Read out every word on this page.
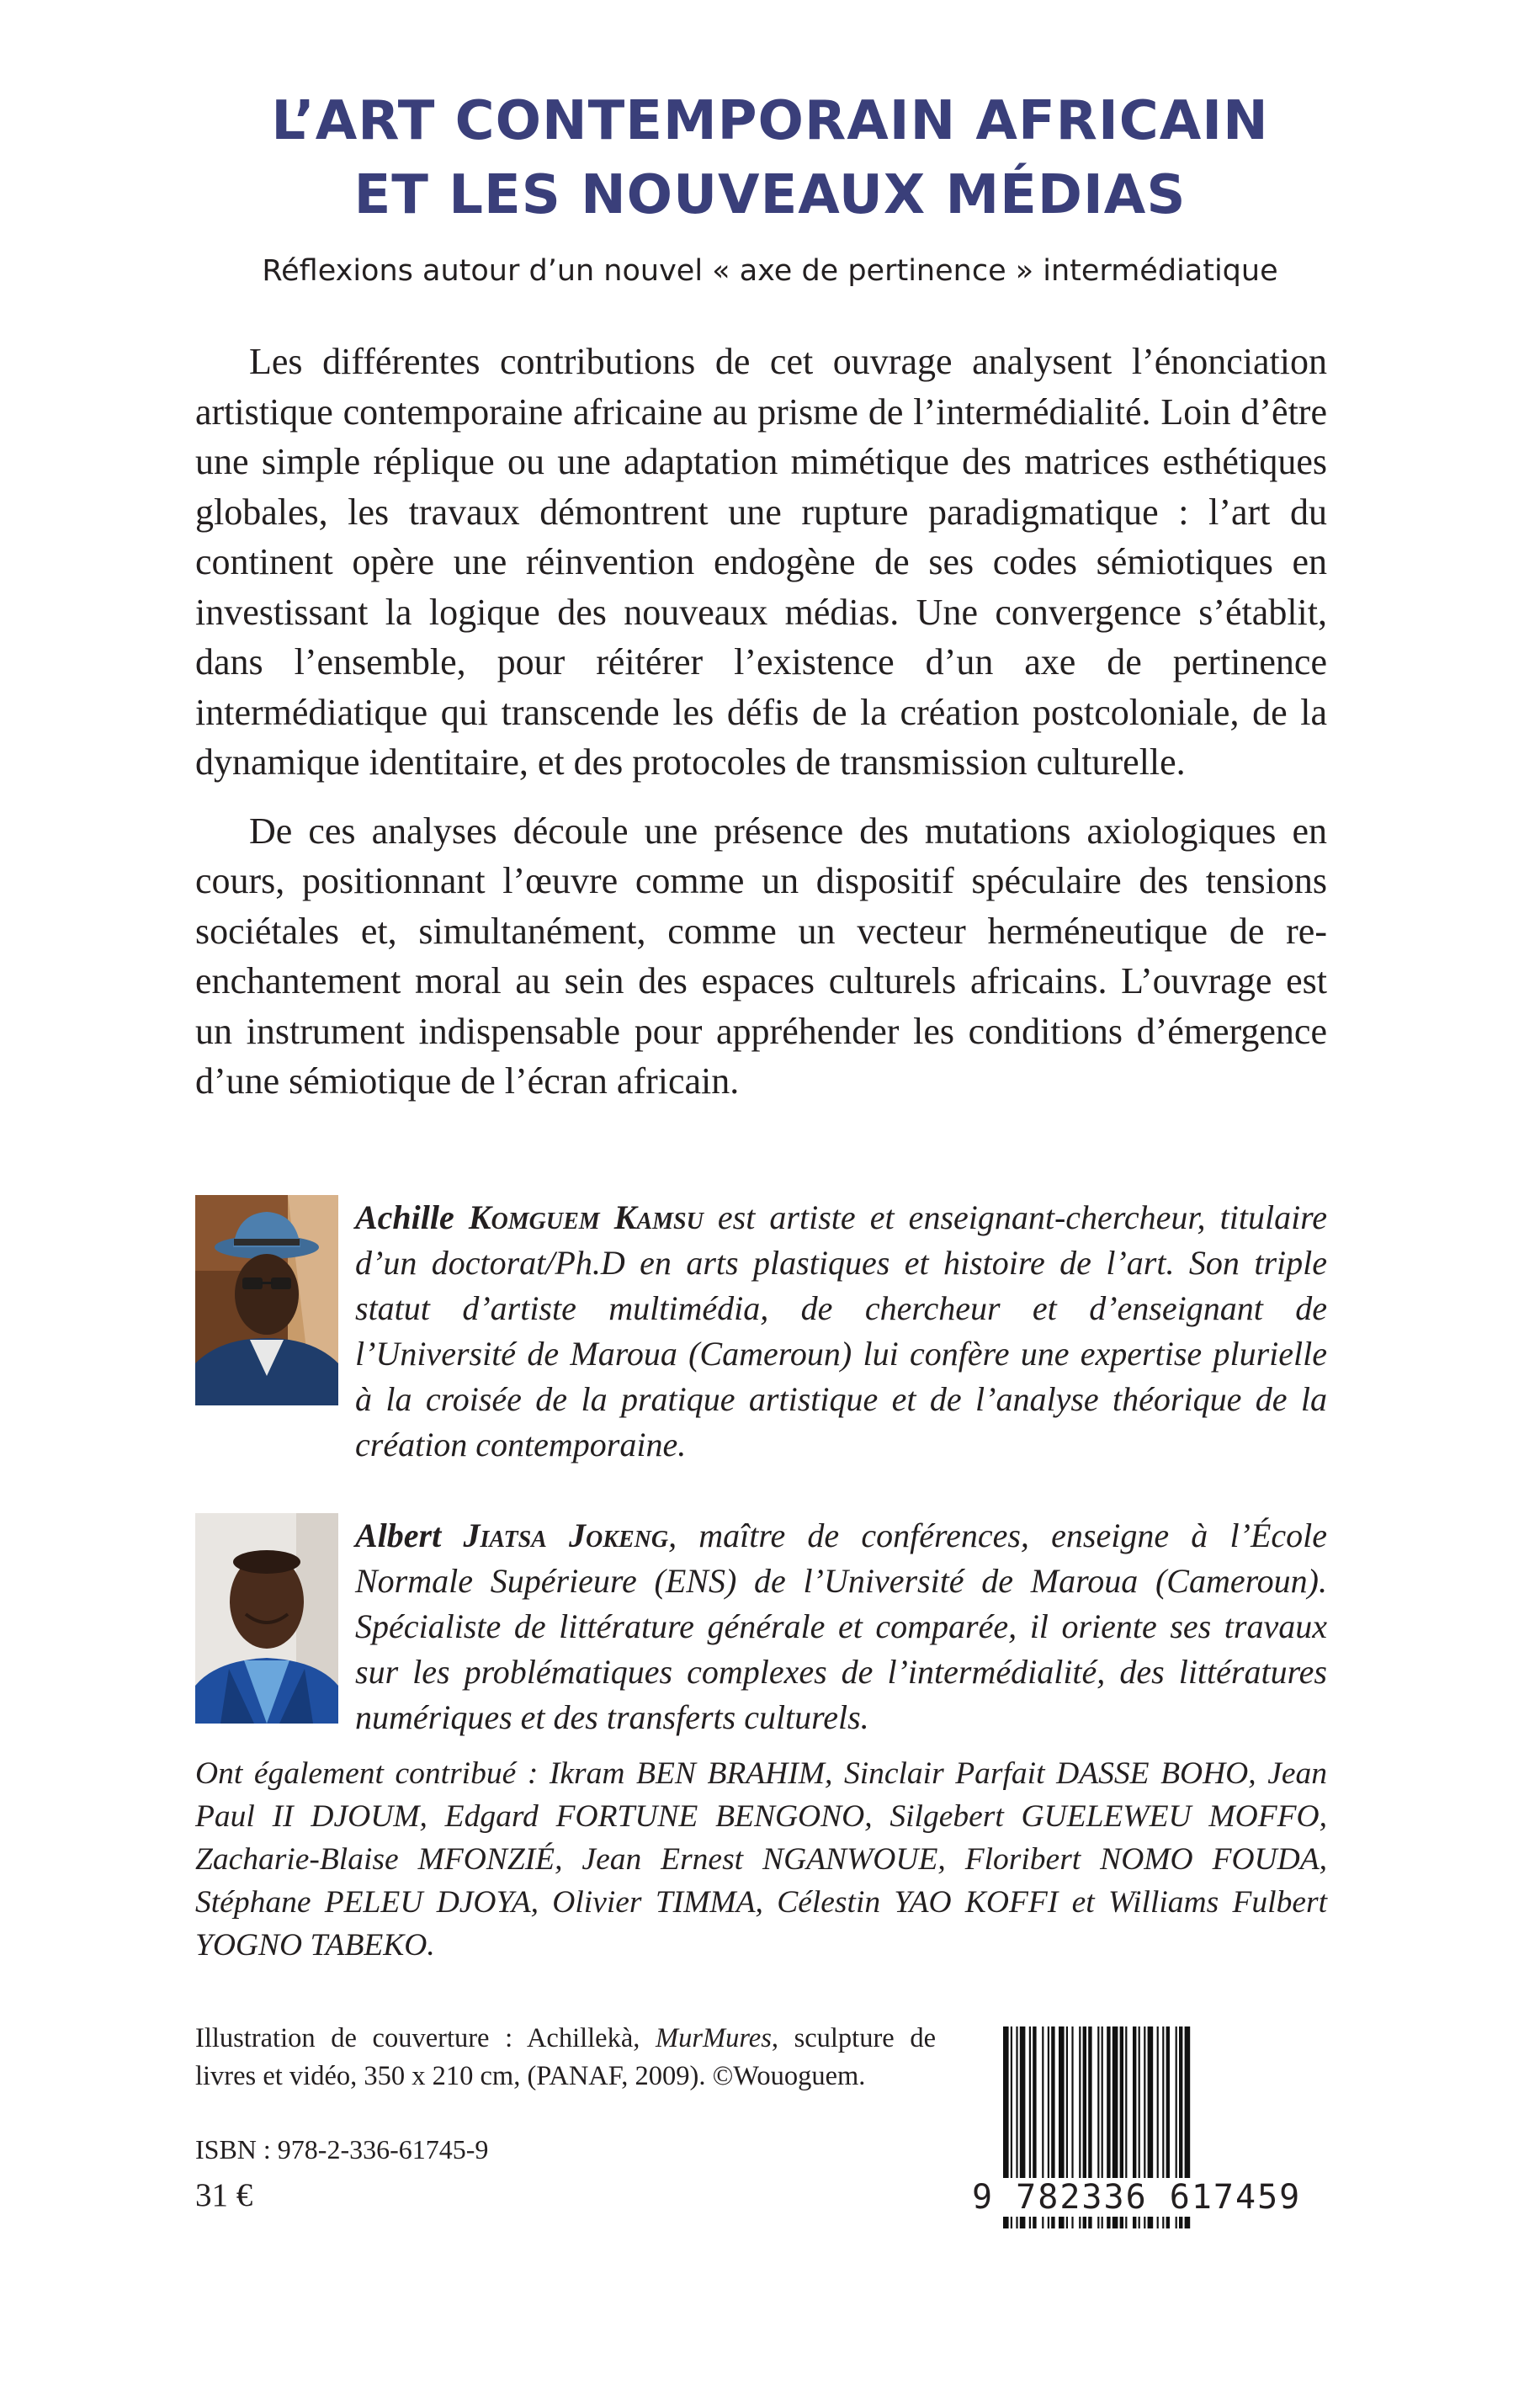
L’ART CONTEMPORAIN AFRICAIN
ET LES NOUVEAUX MÉDIAS
Réflexions autour d’un nouvel « axe de pertinence » intermédiatique

Les différentes contributions de cet ouvrage analysent l’énonciation artistique contemporaine africaine au prisme de l’intermédialité. Loin d’être une simple réplique ou une adaptation mimétique des matrices esthétiques globales, les travaux démontrent une rupture paradigmatique : l’art du continent opère une réinvention endogène de ses codes sémiotiques en investissant la logique des nouveaux médias. Une convergence s’établit, dans l’ensemble, pour réitérer l’existence d’un axe de pertinence intermédiatique qui transcende les défis de la création postcoloniale, de la dynamique identitaire, et des protocoles de transmission culturelle.

De ces analyses découle une présence des mutations axiologiques en cours, positionnant l’œuvre comme un dispositif spéculaire des tensions sociétales et, simultanément, comme un vecteur herméneutique de re-enchantement moral au sein des espaces culturels africains. L’ouvrage est un instrument indispensable pour appréhender les conditions d’émergence d’une sémiotique de l’écran africain.

Achille Komguem Kamsu est artiste et enseignant-chercheur, titulaire d’un doctorat/Ph.D en arts plastiques et histoire de l’art. Son triple statut d’artiste multimédia, de chercheur et d’enseignant de l’Université de Maroua (Cameroun) lui confère une expertise plurielle à la croisée de la pratique artistique et de l’analyse théorique de la création contemporaine.
Albert Jiatsa Jokeng, maître de conférences, enseigne à l’École Normale Supérieure (ENS) de l’Université de Maroua (Cameroun). Spécialiste de littérature générale et comparée, il oriente ses travaux sur les problématiques complexes de l’intermédialité, des littératures numériques et des transferts culturels.
Ont également contribué : Ikram BEN BRAHIM, Sinclair Parfait DASSE BOHO, Jean Paul II DJOUM, Edgard FORTUNE BENGONO, Silgebert GUELEWEU MOFFO, Zacharie-Blaise MFONZIÉ, Jean Ernest NGANWOUE, Floribert NOMO FOUDA, Stéphane PELEU DJOYA, Olivier TIMMA, Célestin YAO KOFFI et Williams Fulbert YOGNO TABEKO.
Illustration de couverture : Achillekà, MurMures, sculpture de livres et vidéo, 350 x 210 cm, (PANAF, 2009). ©Wouoguem.
ISBN : 978-2-336-61745-9
31 €	9 782336 617459
